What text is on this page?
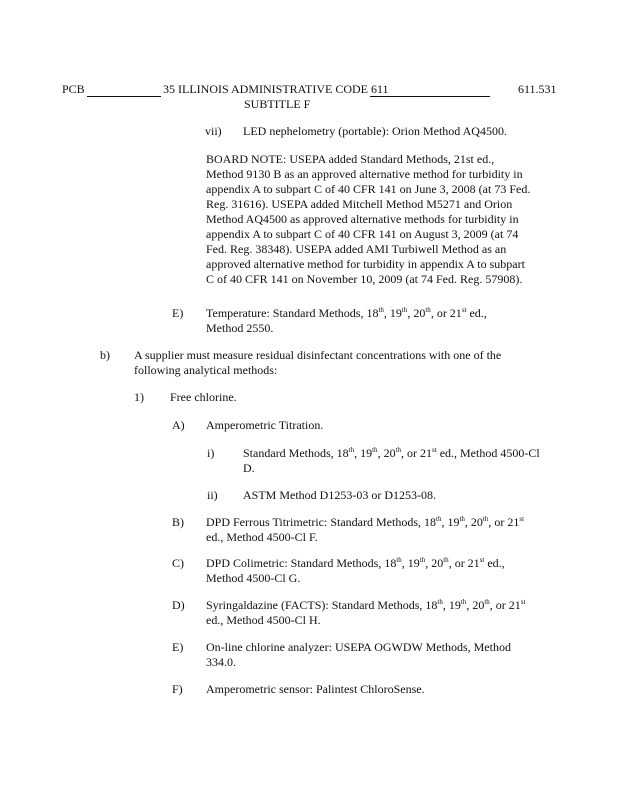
PCB	35 ILLINOIS ADMINISTRATIVE CODE 611	611.531
SUBTITLE F
vii) LED nephelometry (portable): Orion Method AQ4500.

BOARD NOTE: USEPA added Standard Methods, 21st ed., Method 9130 B as an approved alternative method for turbidity in appendix A to subpart C of 40 CFR 141 on June 3, 2008 (at 73 Fed. Reg. 31616). USEPA added Mitchell Method M5271 and Orion Method AQ4500 as approved alternative methods for turbidity in appendix A to subpart C of 40 CFR 141 on August 3, 2009 (at 74 Fed. Reg. 38348). USEPA added AMI Turbiwell Method as an approved alternative method for turbidity in appendix A to subpart C of 40 CFR 141 on November 10, 2009 (at 74 Fed. Reg. 57908).

E) Temperature: Standard Methods, 18th, 19th, 20th, or 21st ed., Method 2550.

b) A supplier must measure residual disinfectant concentrations with one of the following analytical methods:

1) Free chlorine.
A) Amperometric Titration.
i) Standard Methods, 18th, 19th, 20th, or 21st ed., Method 4500-Cl D.

ii) ASTM Method D1253-03 or D1253-08.
B) DPD Ferrous Titrimetric: Standard Methods, 18th, 19th, 20th, or 21st ed., Method 4500-Cl F.

C) DPD Colimetric: Standard Methods, 18th, 19th, 20th, or 21st ed., Method 4500-Cl G.

D) Syringaldazine (FACTS): Standard Methods, 18th, 19th, 20th, or 21st ed., Method 4500-Cl H.

E) On-line chlorine analyzer: USEPA OGWDW Methods, Method 334.0.

F) Amperometric sensor: Palintest ChloroSense.
